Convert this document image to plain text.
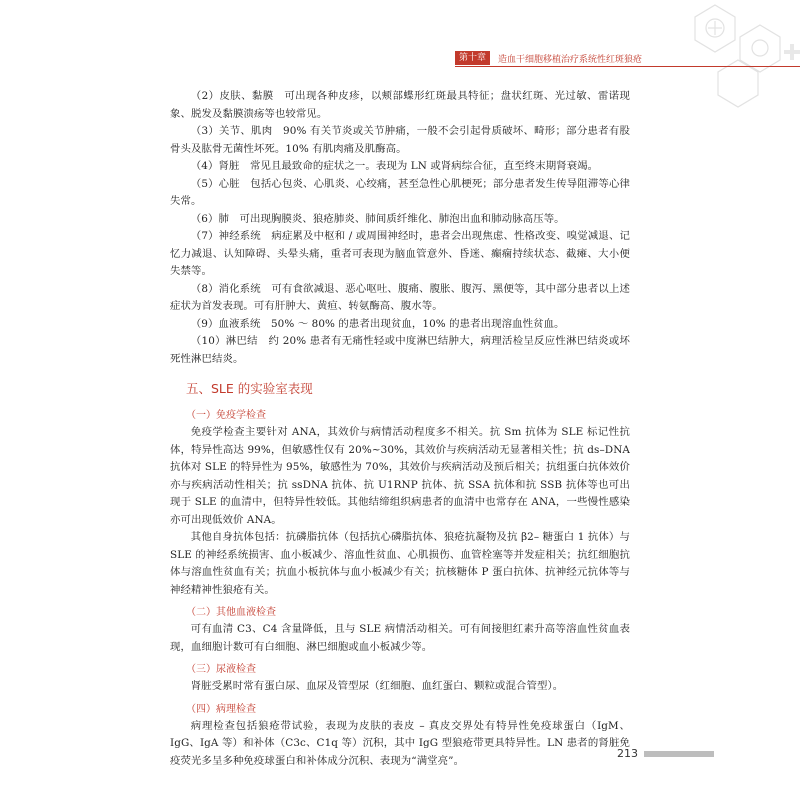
第十章	造血干细胞移植治疗系统性红斑狼疮

（2）皮肤、黏膜　可出现各种皮疹，以颊部蝶形红斑最具特征；盘状红斑、光过敏、雷诺现象、脱发及黏膜溃疡等也较常见。

（3）关节、肌肉　90% 有关节炎或关节肿痛，一般不会引起骨质破坏、畸形；部分患者有股骨头及肱骨无菌性坏死。10% 有肌肉痛及肌酶高。

（4）肾脏　常见且最致命的症状之一。表现为 LN 或肾病综合征，直至终末期肾衰竭。

（5）心脏　包括心包炎、心肌炎、心绞痛，甚至急性心肌梗死；部分患者发生传导阻滞等心律失常。

（6）肺　可出现胸膜炎、狼疮肺炎、肺间质纤维化、肺泡出血和肺动脉高压等。

（7）神经系统　病症累及中枢和 / 或周围神经时，患者会出现焦虑、性格改变、嗅觉减退、记忆力减退、认知障碍、头晕头痛，重者可表现为脑血管意外、昏迷、癫痫持续状态、截瘫、大小便失禁等。

（8）消化系统　可有食欲减退、恶心呕吐、腹痛、腹胀、腹泻、黑便等，其中部分患者以上述症状为首发表现。可有肝肿大、黄疸、转氨酶高、腹水等。

（9）血液系统　50% ～ 80% 的患者出现贫血，10% 的患者出现溶血性贫血。

（10）淋巴结　约 20% 患者有无痛性轻或中度淋巴结肿大，病理活检呈反应性淋巴结炎或坏死性淋巴结炎。

五、SLE 的实验室表现
（一）免疫学检查

免疫学检查主要针对 ANA，其效价与病情活动程度多不相关。抗 Sm 抗体为 SLE 标记性抗体，特异性高达 99%，但敏感性仅有 20%~30%，其效价与疾病活动无显著相关性；抗 ds–DNA 抗体对 SLE 的特异性为 95%，敏感性为 70%，其效价与疾病活动及预后相关；抗组蛋白抗体效价亦与疾病活动性相关；抗 ssDNA 抗体、抗 U1RNP 抗体、抗 SSA 抗体和抗 SSB 抗体等也可出现于 SLE 的血清中，但特异性较低。其他结缔组织病患者的血清中也常存在 ANA，一些慢性感染亦可出现低效价 ANA。

其他自身抗体包括：抗磷脂抗体（包括抗心磷脂抗体、狼疮抗凝物及抗 β2– 糖蛋白 1 抗体）与 SLE 的神经系统损害、血小板减少、溶血性贫血、心肌损伤、血管栓塞等并发症相关；抗红细胞抗体与溶血性贫血有关；抗血小板抗体与血小板减少有关；抗核糖体 P 蛋白抗体、抗神经元抗体等与神经精神性狼疮有关。

（二）其他血液检查

可有血清 C3、C4 含量降低，且与 SLE 病情活动相关。可有间接胆红素升高等溶血性贫血表现，血细胞计数可有白细胞、淋巴细胞或血小板减少等。

（三）尿液检查

肾脏受累时常有蛋白尿、血尿及管型尿（红细胞、血红蛋白、颗粒或混合管型）。

（四）病理检查

病理检查包括狼疮带试验，表现为皮肤的表皮 – 真皮交界处有特异性免疫球蛋白（IgM、IgG、IgA 等）和补体（C3c、C1q 等）沉积，其中 IgG 型狼疮带更具特异性。LN 患者的肾脏免疫荧光多呈多种免疫球蛋白和补体成分沉积、表现为“满堂亮”。

213
